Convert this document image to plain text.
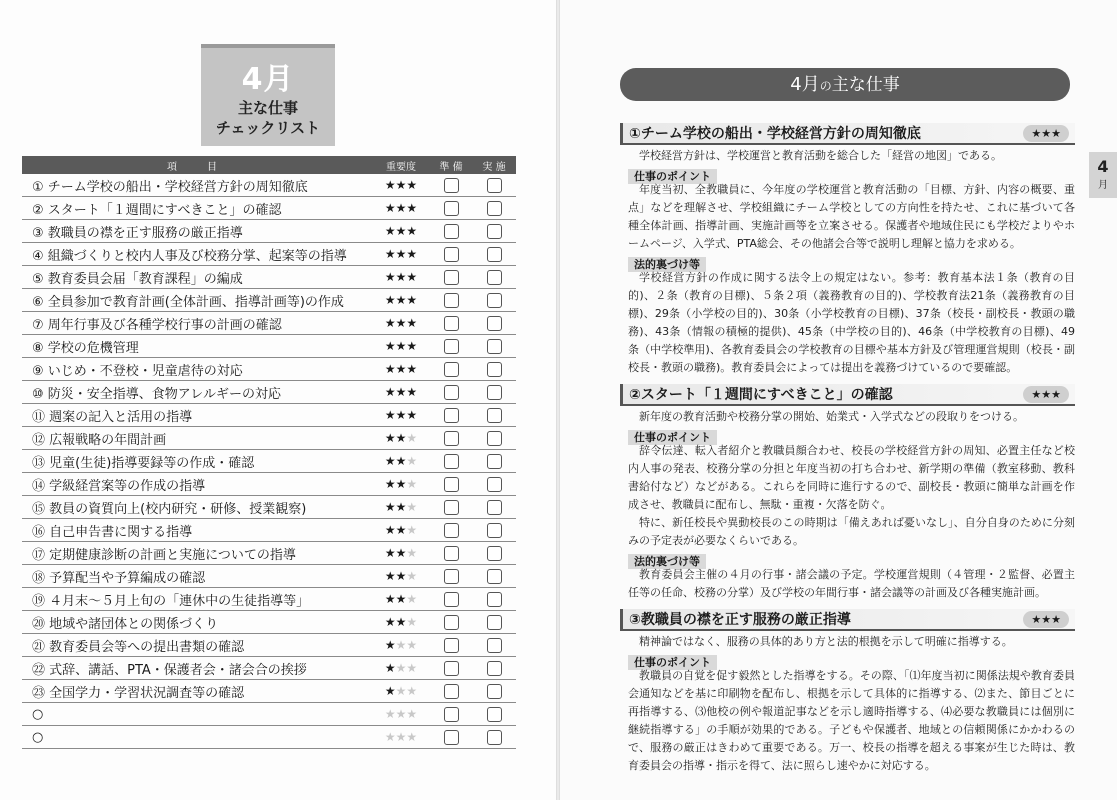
4月
主な仕事
チェックリスト
項　目	重要度	準 備	実 施
① チーム学校の船出・学校経営方針の周知徹底	★★★
② スタート「１週間にすべきこと」の確認	★★★
③ 教職員の襟を正す服務の厳正指導	★★★
④ 組織づくりと校内人事及び校務分掌、起案等の指導	★★★
⑤ 教育委員会届「教育課程」の編成	★★★
⑥ 全員参加で教育計画(全体計画、指導計画等)の作成	★★★
⑦ 周年行事及び各種学校行事の計画の確認	★★★
⑧ 学校の危機管理	★★★
⑨ いじめ・不登校・児童虐待の対応	★★★
⑩ 防災・安全指導、食物アレルギーの対応	★★★
⑪ 週案の記入と活用の指導	★★★
⑫ 広報戦略の年間計画	★★★
⑬ 児童(生徒)指導要録等の作成・確認	★★★
⑭ 学級経営案等の作成の指導	★★★
⑮ 教員の資質向上(校内研究・研修、授業観察)	★★★
⑯ 自己申告書に関する指導	★★★
⑰ 定期健康診断の計画と実施についての指導	★★★
⑱ 予算配当や予算編成の確認	★★★
⑲ ４月末～５月上旬の「連休中の生徒指導等」	★★★
⑳ 地域や諸団体との関係づくり	★★★
㉑ 教育委員会等への提出書類の確認	★★★
㉒ 式辞、講話、PTA・保護者会・諸会合の挨拶	★★★
㉓ 全国学力・学習状況調査等の確認	★★★
○	★★★
○	★★★
4月の主な仕事
4
月
①チーム学校の船出・学校経営方針の周知徹底	★★★
学校経営方針は、学校運営と教育活動を総合した「経営の地図」である。
仕事のポイント
年度当初、全教職員に、今年度の学校運営と教育活動の「目標、方針、内容の概要、重点」などを理解させ、学校組織にチーム学校としての方向性を持たせ、これに基づいて各種全体計画、指導計画、実施計画等を立案させる。保護者や地域住民にも学校だよりやホームページ、入学式、PTA総会、その他諸会合等で説明し理解と協力を求める。
法的裏づけ等
学校経営方針の作成に関する法令上の規定はない。参考：教育基本法１条（教育の目的)、２条（教育の目標)、５条２項（義務教育の目的)、学校教育法21条（義務教育の目標)、29条（小学校の目的)、30条（小学校教育の目標)、37条（校長・副校長・教頭の職務)、43条（情報の積極的提供)、45条（中学校の目的)、46条（中学校教育の目標)、49条（中学校準用)、各教育委員会の学校教育の目標や基本方針及び管理運営規則（校長・副校長・教頭の職務)。教育委員会によっては提出を義務づけているので要確認。
②スタート「１週間にすべきこと」の確認	★★★
新年度の教育活動や校務分掌の開始、始業式・入学式などの段取りをつける。
仕事のポイント
辞令伝達、転入者紹介と教職員顔合わせ、校長の学校経営方針の周知、必置主任など校内人事の発表、校務分掌の分担と年度当初の打ち合わせ、新学期の準備（教室移動、教科書給付など）などがある。これらを同時に進行するので、副校長・教頭に簡単な計画を作成させ、教職員に配布し、無駄・重複・欠落を防ぐ。
特に、新任校長や異動校長のこの時期は「備えあれば憂いなし」、自分自身のために分刻みの予定表が必要なくらいである。
法的裏づけ等
教育委員会主催の４月の行事・諸会議の予定。学校運営規則（４管理・２監督、必置主任等の任命、校務の分掌）及び学校の年間行事・諸会議等の計画及び各種実施計画。
③教職員の襟を正す服務の厳正指導	★★★
精神論ではなく、服務の具体的あり方と法的根拠を示して明確に指導する。
仕事のポイント
教職員の自覚を促す毅然とした指導をする。その際、「⑴年度当初に関係法規や教育委員会通知などを基に印刷物を配布し、根拠を示して具体的に指導する、⑵また、節目ごとに再指導する、⑶他校の例や報道記事などを示し適時指導する、⑷必要な教職員には個別に継続指導する」の手順が効果的である。子どもや保護者、地域との信頼関係にかかわるので、服務の厳正はきわめて重要である。万一、校長の指導を超える事案が生じた時は、教育委員会の指導・指示を得て、法に照らし速やかに対応する。
